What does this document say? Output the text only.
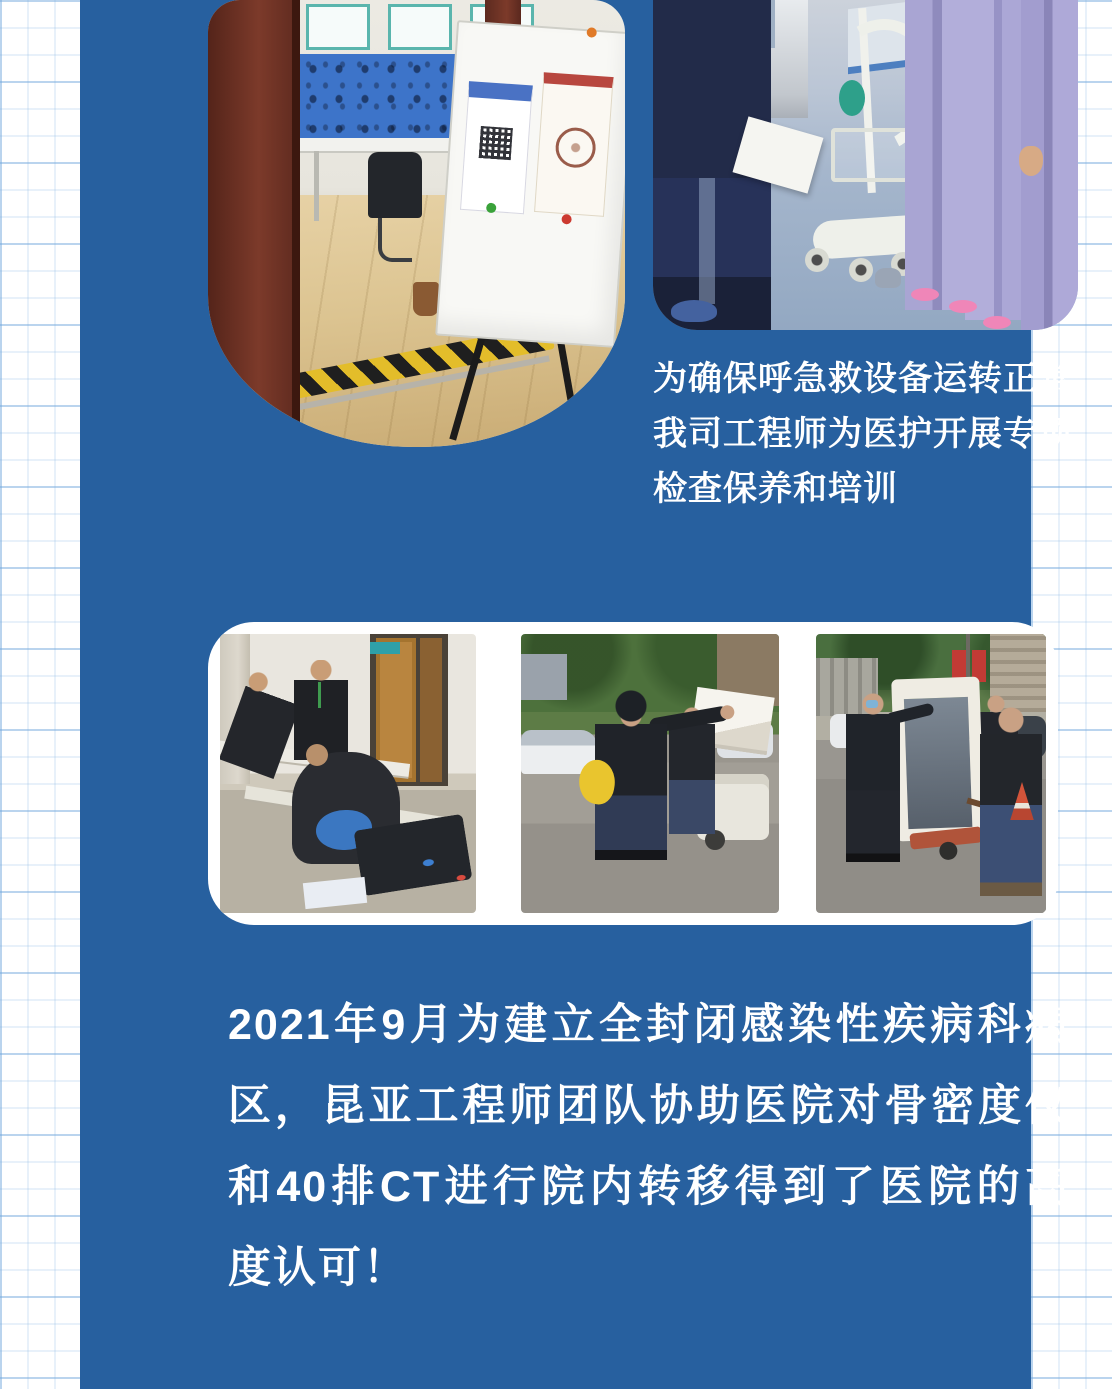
为确保呼急救设备运转正常，
我司工程师为医护开展专项
检查保养和培训
2021年9月为建立全封闭感染性疾病科病
区，昆亚工程师团队协助医院对骨密度仪
和40排CT进行院内转移得到了医院的高
度认可！
